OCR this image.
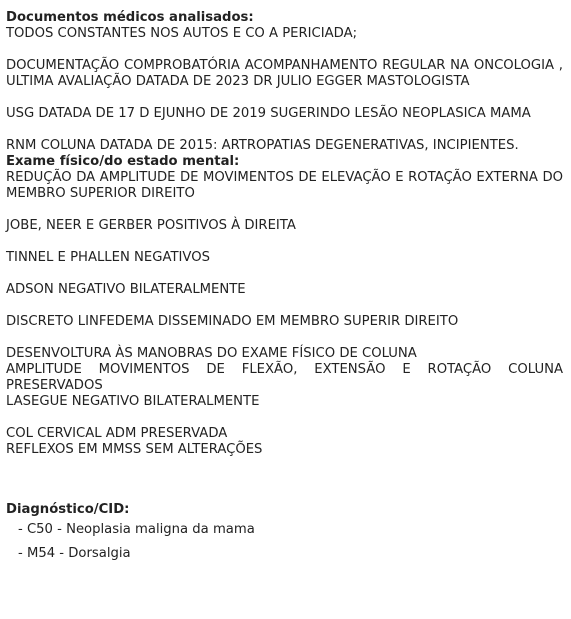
Documentos médicos analisados:

TODOS CONSTANTES NOS AUTOS E CO A PERICIADA;

DOCUMENTAÇÃO COMPROBATÓRIA ACOMPANHAMENTO REGULAR NA ONCOLOGIA , ULTIMA AVALIAÇÃO DATADA DE 2023 DR JULIO EGGER MASTOLOGISTA

USG DATADA DE 17 D EJUNHO DE 2019 SUGERINDO LESÃO NEOPLASICA MAMA

RNM COLUNA DATADA DE 2015: ARTROPATIAS DEGENERATIVAS, INCIPIENTES.

Exame físico/do estado mental:

REDUÇÃO DA AMPLITUDE DE MOVIMENTOS DE ELEVAÇÃO E ROTAÇÃO EXTERNA DO MEMBRO SUPERIOR DIREITO

JOBE, NEER E GERBER POSITIVOS À DIREITA

TINNEL E PHALLEN NEGATIVOS

ADSON NEGATIVO BILATERALMENTE

DISCRETO LINFEDEMA DISSEMINADO EM MEMBRO SUPERIR DIREITO

DESENVOLTURA ÀS MANOBRAS DO EXAME FÍSICO DE COLUNA

AMPLITUDE MOVIMENTOS DE FLEXÃO, EXTENSÃO E ROTAÇÃO COLUNA PRESERVADOS

LASEGUE NEGATIVO BILATERALMENTE

COL CERVICAL ADM PRESERVADA

REFLEXOS EM MMSS SEM ALTERAÇÕES

Diagnóstico/CID:
- C50 - Neoplasia maligna da mama
- M54 - Dorsalgia
